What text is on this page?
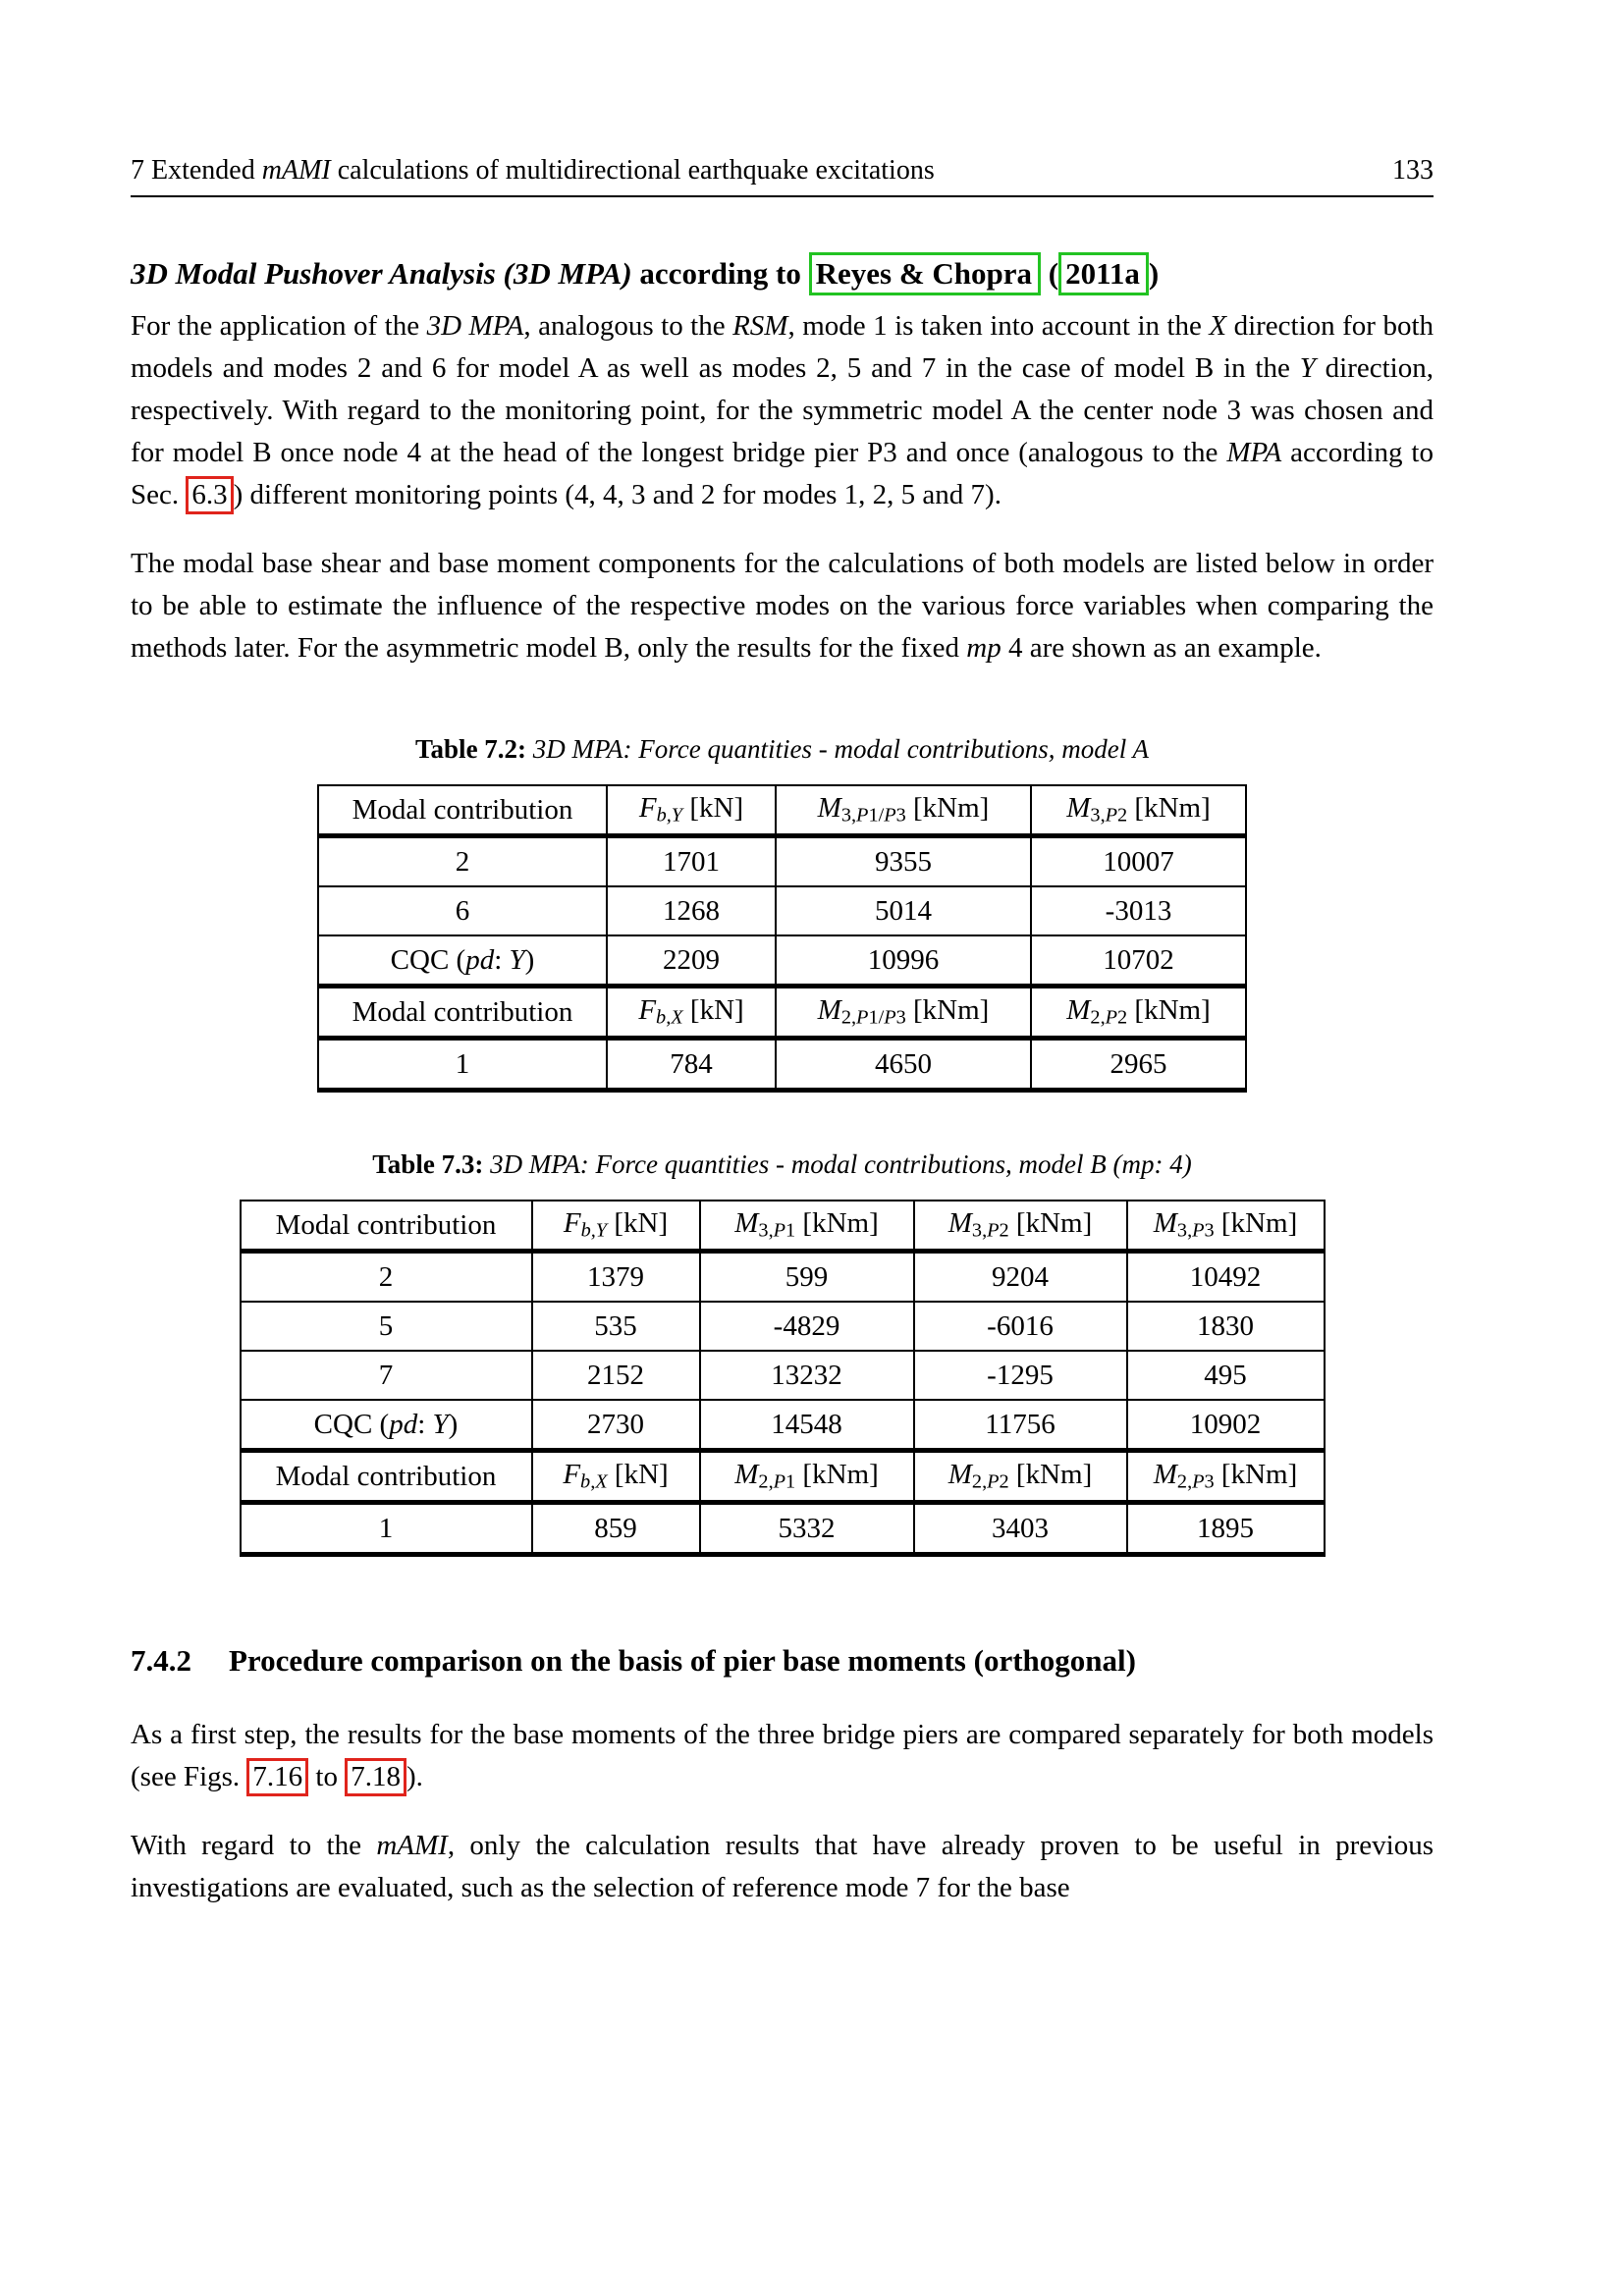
7 Extended mAMI calculations of multidirectional earthquake excitations	133
3D Modal Pushover Analysis (3D MPA) according to Reyes & Chopra ( 2011a )

For the application of the 3D MPA, analogous to the RSM, mode 1 is taken into account in the X direction for both models and modes 2 and 6 for model A as well as modes 2, 5 and 7 in the case of model B in the Y direction, respectively. With regard to the monitoring point, for the symmetric model A the center node 3 was chosen and for model B once node 4 at the head of the longest bridge pier P3 and once (analogous to the MPA according to Sec. 6.3 ) different monitoring points (4, 4, 3 and 2 for modes 1, 2, 5 and 7).

The modal base shear and base moment components for the calculations of both models are listed below in order to be able to estimate the influence of the respective modes on the various force variables when comparing the methods later. For the asymmetric model B, only the results for the fixed mp 4 are shown as an example.

Table 7.2: 3D MPA: Force quantities - modal contributions, model A
Modal contribution	Fb,Y [kN]	M3,P1/P3 [kNm]	M3,P2 [kNm]
2	1701	9355	10007
6	1268	5014	-3013
CQC (pd: Y)	2209	10996	10702
Modal contribution	Fb,X [kN]	M2,P1/P3 [kNm]	M2,P2 [kNm]
1	784	4650	2965
Table 7.3: 3D MPA: Force quantities - modal contributions, model B (mp: 4)
Modal contribution	Fb,Y [kN]	M3,P1 [kNm]	M3,P2 [kNm]	M3,P3 [kNm]
2	1379	599	9204	10492
5	535	-4829	-6016	1830
7	2152	13232	-1295	495
CQC (pd: Y)	2730	14548	11756	10902
Modal contribution	Fb,X [kN]	M2,P1 [kNm]	M2,P2 [kNm]	M2,P3 [kNm]
1	859	5332	3403	1895
7.4.2 Procedure comparison on the basis of pier base moments (orthogonal)

As a first step, the results for the base moments of the three bridge piers are compared separately for both models (see Figs. 7.16 to 7.18 ).

With regard to the mAMI, only the calculation results that have already proven to be useful in previous investigations are evaluated, such as the selection of reference mode 7 for the base
